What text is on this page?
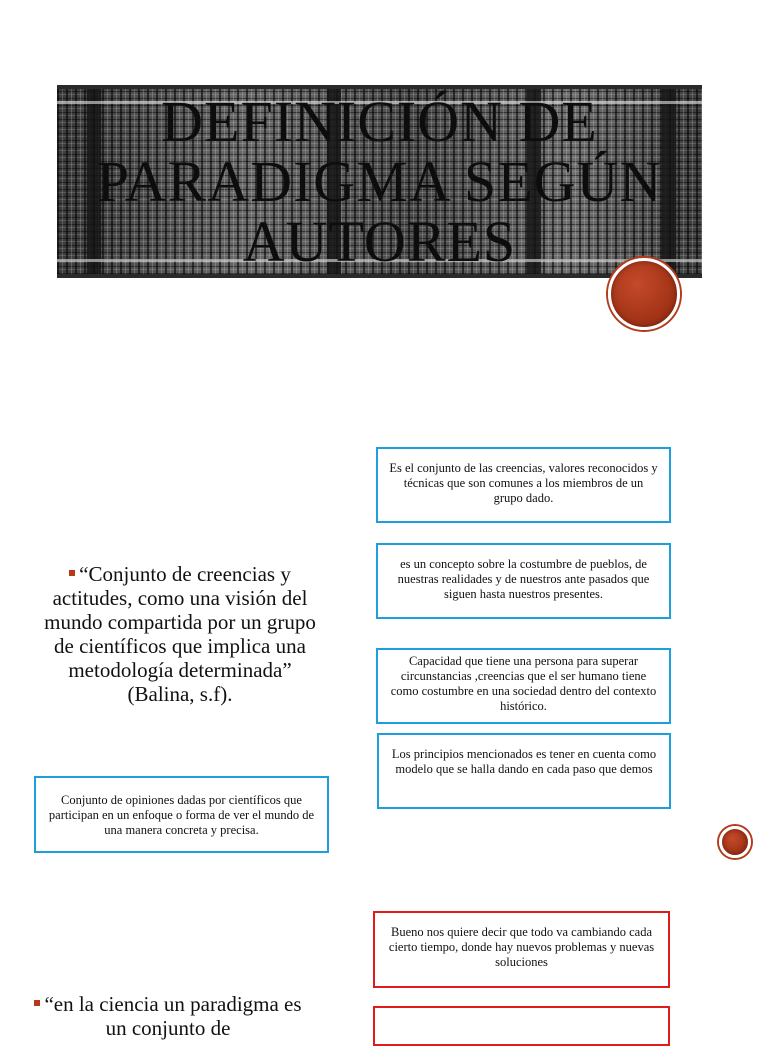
DEFINICIÓN DE PARADIGMA SEGÚN AUTORES

“Conjunto de creencias y actitudes, como una visión del mundo compartida por un grupo de científicos que implica una metodología determinada” (Balina, s.f).

“en la ciencia un paradigma es un conjunto de

Es el conjunto de las creencias, valores reconocidos y técnicas que son comunes a los miembros de un grupo dado.
es un concepto sobre la costumbre de pueblos, de nuestras realidades y de nuestros ante pasados que siguen hasta nuestros presentes.
Capacidad que tiene una persona para superar circunstancias ,creencias que el ser humano tiene como costumbre en una sociedad dentro del contexto histórico.
Los principios mencionados es tener en cuenta como modelo que se halla dando en cada paso que demos
Conjunto de opiniones dadas por científicos que participan en un enfoque o forma de ver el mundo de una manera concreta y precisa.
Bueno nos quiere decir que todo va cambiando cada cierto tiempo, donde hay nuevos problemas y nuevas soluciones
